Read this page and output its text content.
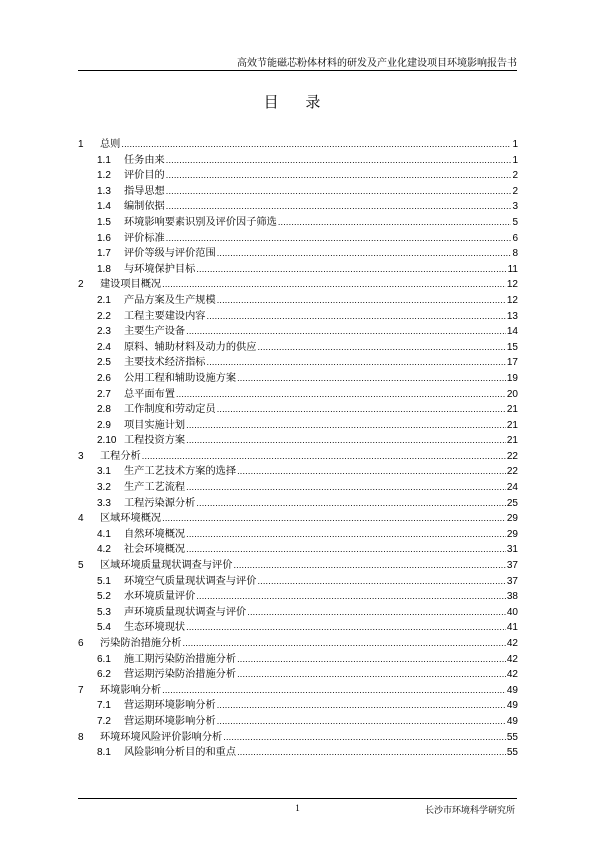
高效节能磁芯粉体材料的研发及产业化建设项目环境影响报告书
目 录
1	总则 .....	1
1.1	任务由来 .....	1
1.2	评价目的 .....	2
1.3	指导思想 .....	2
1.4	编制依据 .....	3
1.5	环境影响要素识别及评价因子筛选 .....	5
1.6	评价标准 .....	6
1.7	评价等级与评价范围 .....	8
1.8	与环境保护目标 .....	11
2	建设项目概况 .....	12
2.1	产品方案及生产规模 .....	12
2.2	工程主要建设内容 .....	13
2.3	主要生产设备 .....	14
2.4	原料、辅助材料及动力的供应 .....	15
2.5	主要技术经济指标 .....	17
2.6	公用工程和辅助设施方案 .....	19
2.7	总平面布置 .....	20
2.8	工作制度和劳动定员 .....	21
2.9	项目实施计划 .....	21
2.10 工程投资方案 .....	21
3	工程分析 .....	22
3.1	生产工艺技术方案的选择 .....	22
3.2	生产工艺流程 .....	24
3.3	工程污染源分析 .....	25
4	区域环境概况 .....	29
4.1	自然环境概况 .....	29
4.2	社会环境概况 .....	31
5	区域环境质量现状调查与评价 .....	37
5.1	环境空气质量现状调查与评价 .....	37
5.2	水环境质量评价 .....	38
5.3	声环境质量现状调查与评价 .....	40
5.4	生态环境现状 .....	41
6	污染防治措施分析 .....	42
6.1	施工期污染防治措施分析 .....	42
6.2	营运期污染防治措施分析 .....	42
7	环境影响分析 .....	49
7.1	营运期环境影响分析 .....	49
7.2	营运期环境影响分析 .....	49
8	环境环境风险评价影响分析 .....	55
8.1	风险影响分析目的和重点 .....	55
1	长沙市环境科学研究所
